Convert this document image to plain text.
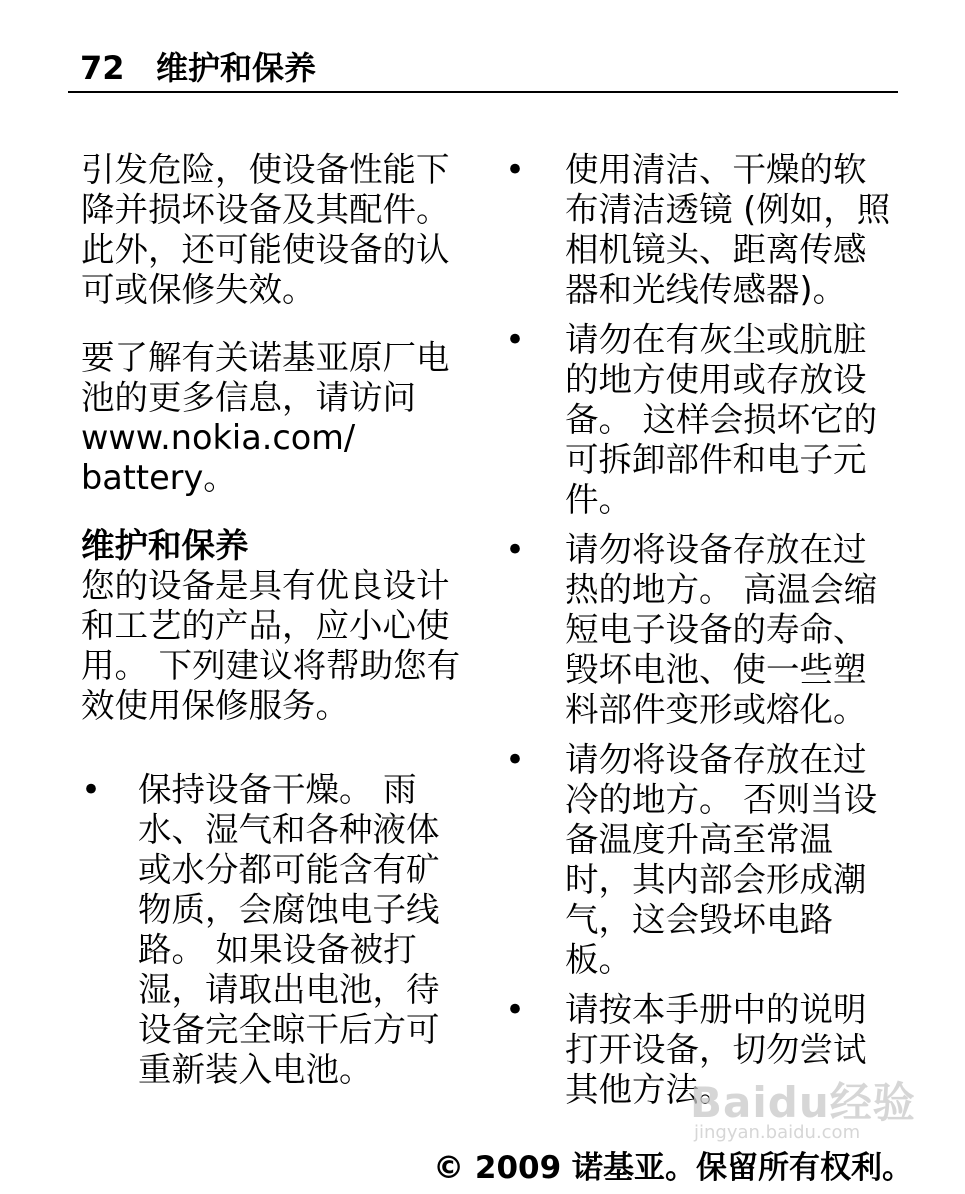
72 维护和保养

引发危险，使设备性能下降并损坏设备及其配件。此外，还可能使设备的认可或保修失效。

要了解有关诺基亚原厂电池的更多信息，请访问 www.nokia.com/ battery。

维护和保养

您的设备是具有优良设计和工艺的产品，应小心使用。 下列建议将帮助您有效使用保修服务。

• 保持设备干燥。 雨水、湿气和各种液体或水分都可能含有矿物质，会腐蚀电子线路。 如果设备被打湿，请取出电池，待设备完全晾干后方可重新装入电池。
• 使用清洁、干燥的软布清洁透镜 (例如，照相机镜头、距离传感器和光线传感器)。
• 请勿在有灰尘或肮脏的地方使用或存放设备。 这样会损坏它的可拆卸部件和电子元件。
• 请勿将设备存放在过热的地方。 高温会缩短电子设备的寿命、毁坏电池、使一些塑料部件变形或熔化。
• 请勿将设备存放在过冷的地方。 否则当设备温度升高至常温时，其内部会形成潮气，这会毁坏电路板。
• 请按本手册中的说明打开设备，切勿尝试其他方法。
Baidu经验
jingyan.baidu.com
© 2009 诺基亚。保留所有权利。
